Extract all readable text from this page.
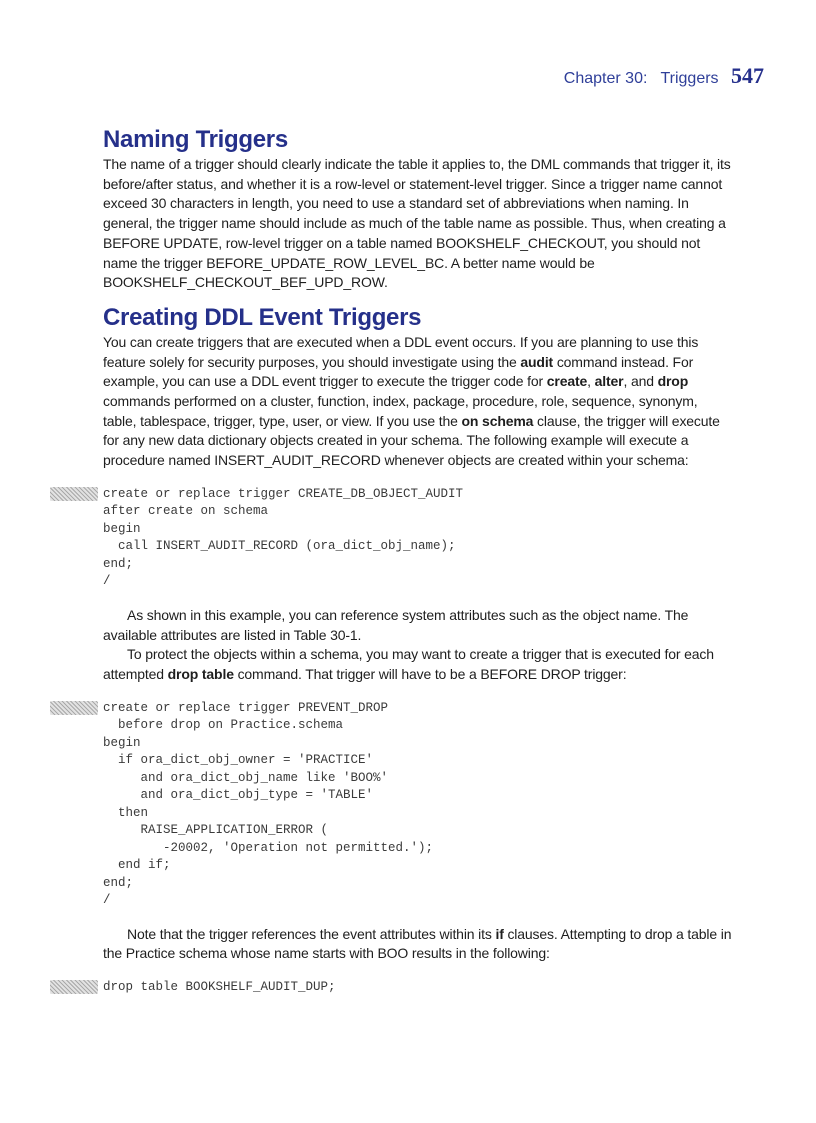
Chapter 30: Triggers 547
Naming Triggers

The name of a trigger should clearly indicate the table it applies to, the DML commands that trigger it, its before/after status, and whether it is a row-level or statement-level trigger. Since a trigger name cannot exceed 30 characters in length, you need to use a standard set of abbreviations when naming. In general, the trigger name should include as much of the table name as possible. Thus, when creating a BEFORE UPDATE, row-level trigger on a table named BOOKSHELF_CHECKOUT, you should not name the trigger BEFORE_UPDATE_ROW_LEVEL_BC. A better name would be BOOKSHELF_CHECKOUT_BEF_UPD_ROW.

Creating DDL Event Triggers

You can create triggers that are executed when a DDL event occurs. If you are planning to use this feature solely for security purposes, you should investigate using the audit command instead. For example, you can use a DDL event trigger to execute the trigger code for create, alter, and drop commands performed on a cluster, function, index, package, procedure, role, sequence, synonym, table, tablespace, trigger, type, user, or view. If you use the on schema clause, the trigger will execute for any new data dictionary objects created in your schema. The following example will execute a procedure named INSERT_AUDIT_RECORD whenever objects are created within your schema:

create or replace trigger CREATE_DB_OBJECT_AUDIT
after create on schema
begin
call INSERT_AUDIT_RECORD (ora_dict_obj_name);
end;
/

As shown in this example, you can reference system attributes such as the object name. The available attributes are listed in Table 30-1.

To protect the objects within a schema, you may want to create a trigger that is executed for each attempted drop table command. That trigger will have to be a BEFORE DROP trigger:

create or replace trigger PREVENT_DROP
before drop on Practice.schema
begin
if ora_dict_obj_owner = 'PRACTICE'
and ora_dict_obj_name like 'BOO%'
and ora_dict_obj_type = 'TABLE'
then
RAISE_APPLICATION_ERROR (
-20002, 'Operation not permitted.');
end if;
end;
/

Note that the trigger references the event attributes within its if clauses. Attempting to drop a table in the Practice schema whose name starts with BOO results in the following:

drop table BOOKSHELF_AUDIT_DUP;
